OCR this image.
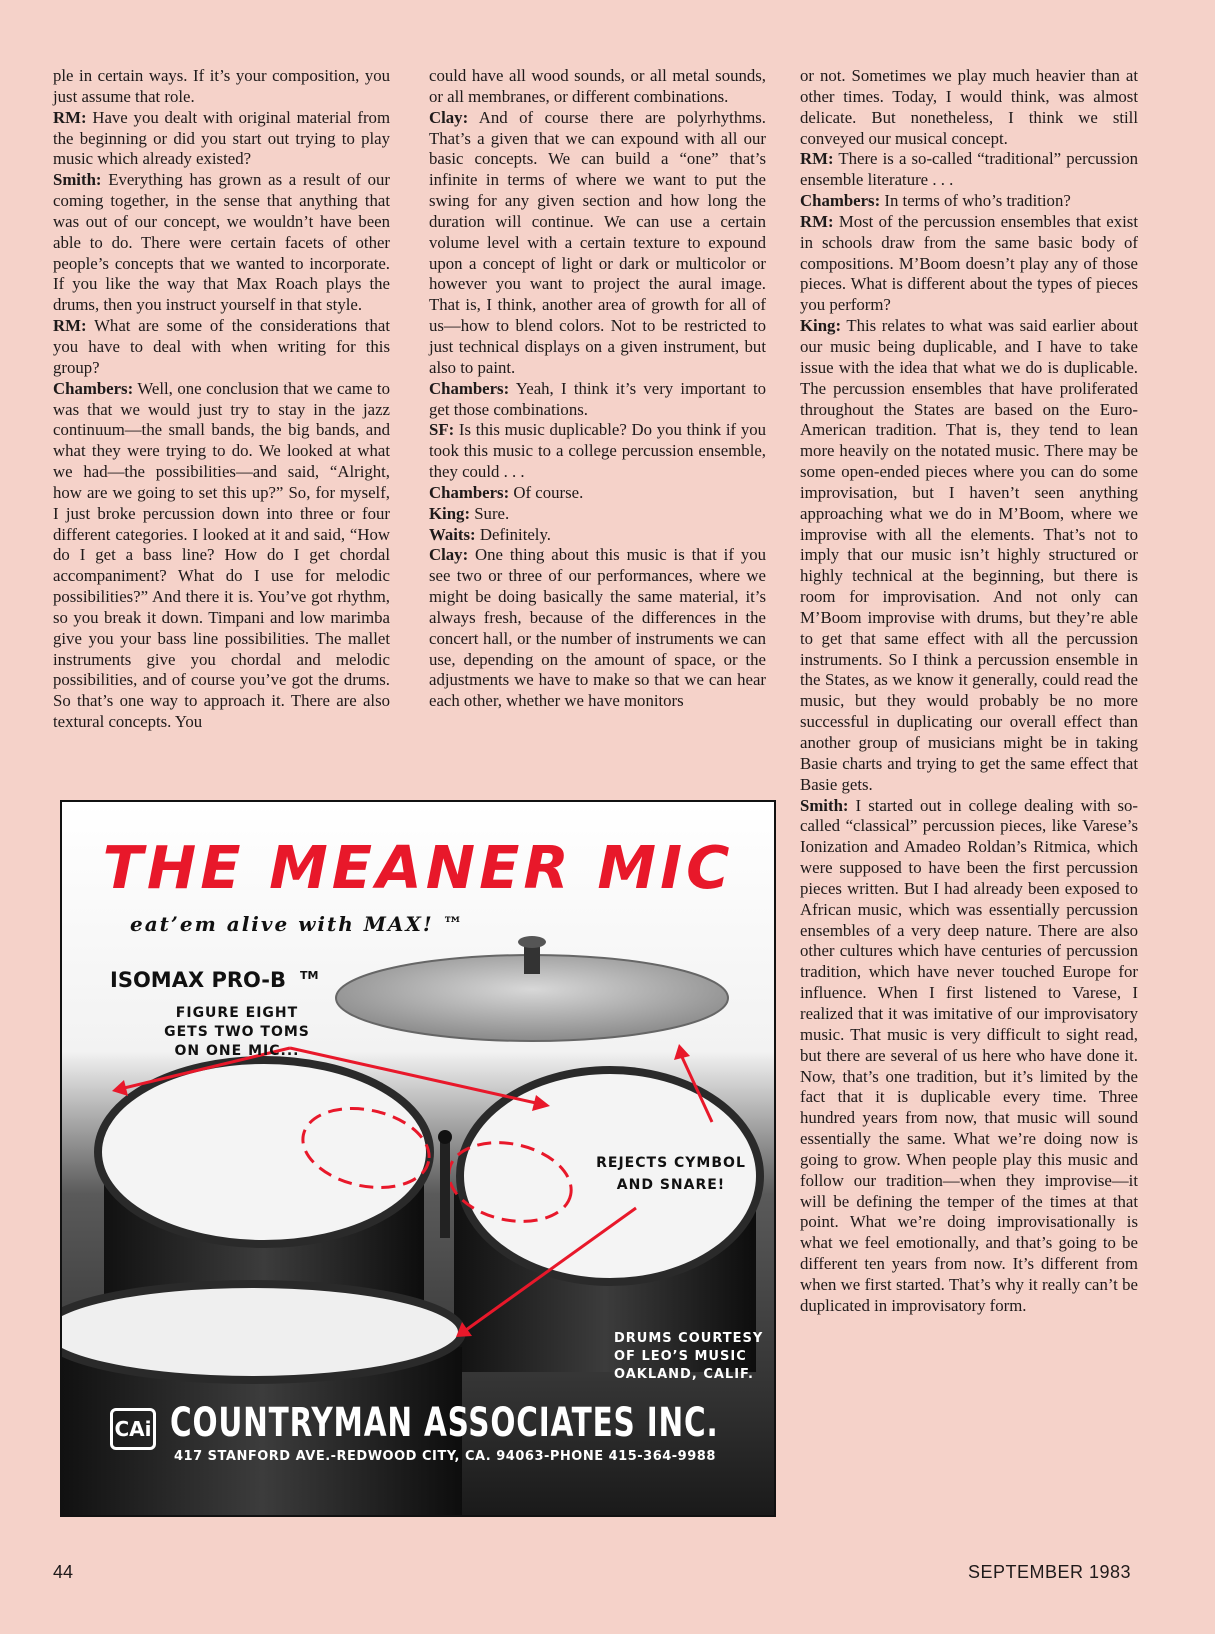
ple in certain ways. If it’s your composition, you just assume that role.

RM: Have you dealt with original material from the beginning or did you start out trying to play music which already existed?

Smith: Everything has grown as a result of our coming together, in the sense that anything that was out of our concept, we wouldn’t have been able to do. There were certain facets of other people’s concepts that we wanted to incorporate. If you like the way that Max Roach plays the drums, then you instruct yourself in that style.

RM: What are some of the considerations that you have to deal with when writing for this group?

Chambers: Well, one conclusion that we came to was that we would just try to stay in the jazz continuum—the small bands, the big bands, and what they were trying to do. We looked at what we had—the possibilities—and said, “Alright, how are we going to set this up?” So, for myself, I just broke percussion down into three or four different categories. I looked at it and said, “How do I get a bass line? How do I get chordal accompaniment? What do I use for melodic possibilities?” And there it is. You’ve got rhythm, so you break it down. Timpani and low marimba give you your bass line possibilities. The mallet instruments give you chordal and melodic possibilities, and of course you’ve got the drums. So that’s one way to approach it. There are also textural concepts. You

could have all wood sounds, or all metal sounds, or all membranes, or different combinations.

Clay: And of course there are polyrhythms. That’s a given that we can expound with all our basic concepts. We can build a “one” that’s infinite in terms of where we want to put the swing for any given section and how long the duration will continue. We can use a certain volume level with a certain texture to expound upon a concept of light or dark or multicolor or however you want to project the aural image. That is, I think, another area of growth for all of us—how to blend colors. Not to be restricted to just technical displays on a given instrument, but also to paint.

Chambers: Yeah, I think it’s very important to get those combinations.

SF: Is this music duplicable? Do you think if you took this music to a college percussion ensemble, they could . . .

Chambers: Of course.

King: Sure.

Waits: Definitely.

Clay: One thing about this music is that if you see two or three of our performances, where we might be doing basically the same material, it’s always fresh, because of the differences in the concert hall, or the number of instruments we can use, depending on the amount of space, or the adjustments we have to make so that we can hear each other, whether we have monitors

or not. Sometimes we play much heavier than at other times. Today, I would think, was almost delicate. But nonetheless, I think we still conveyed our musical concept.

RM: There is a so-called “traditional” percussion ensemble literature . . .

Chambers: In terms of who’s tradition?

RM: Most of the percussion ensembles that exist in schools draw from the same basic body of compositions. M’Boom doesn’t play any of those pieces. What is different about the types of pieces you perform?

King: This relates to what was said earlier about our music being duplicable, and I have to take issue with the idea that what we do is duplicable. The percussion ensembles that have proliferated throughout the States are based on the Euro-American tradition. That is, they tend to lean more heavily on the notated music. There may be some open-ended pieces where you can do some improvisation, but I haven’t seen anything approaching what we do in M’Boom, where we improvise with all the elements. That’s not to imply that our music isn’t highly structured or highly technical at the beginning, but there is room for improvisation. And not only can M’Boom improvise with drums, but they’re able to get that same effect with all the percussion instruments. So I think a percussion ensemble in the States, as we know it generally, could read the music, but they would probably be no more successful in duplicating our overall effect than another group of musicians might be in taking Basie charts and trying to get the same effect that Basie gets.

Smith: I started out in college dealing with so-called “classical” percussion pieces, like Varese’s Ionization and Amadeo Roldan’s Ritmica, which were supposed to have been the first percussion pieces written. But I had already been exposed to African music, which was essentially percussion ensembles of a very deep nature. There are also other cultures which have centuries of percussion tradition, which have never touched Europe for influence. When I first listened to Varese, I realized that it was imitative of our improvisatory music. That music is very difficult to sight read, but there are several of us here who have done it. Now, that’s one tradition, but it’s limited by the fact that it is duplicable every time. Three hundred years from now, that music will sound essentially the same. What we’re doing now is going to grow. When people play this music and follow our tradition—when they improvise—it will be defining the temper of the times at that point. What we’re doing improvisationally is what we feel emotionally, and that’s going to be different ten years from now. It’s different from when we first started. That’s why it really can’t be duplicated in improvisatory form.

THE MEANER MIC
eat’em alive with MAX! ™
ISOMAX PRO-B ™
FIGURE EIGHT
GETS TWO TOMS
ON ONE MIC...
REJECTS CYMBOL
AND SNARE!
DRUMS COURTESY
OF LEO’S MUSIC
OAKLAND, CALIF.
CAi COUNTRYMAN ASSOCIATES INC.
417 STANFORD AVE.-REDWOOD CITY, CA. 94063-PHONE 415-364-9988
44	SEPTEMBER 1983
